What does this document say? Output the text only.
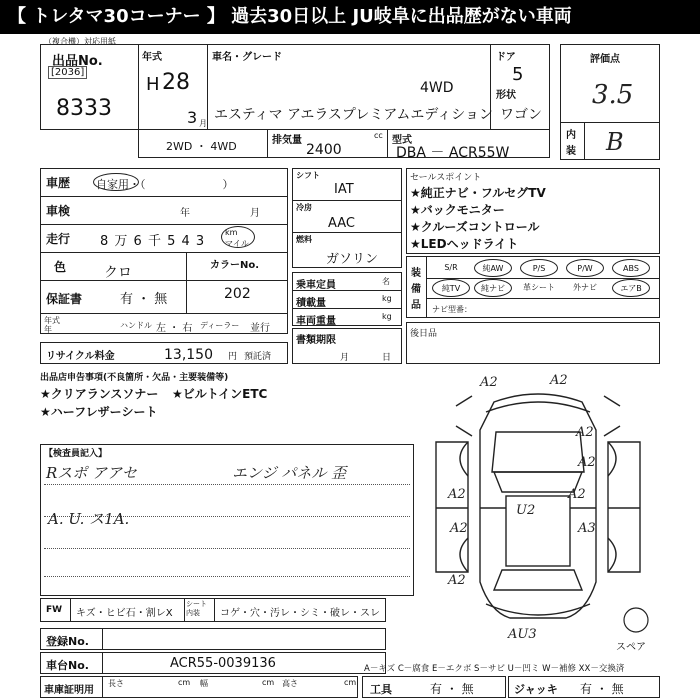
【 トレタマ30コーナー 】 過去30日以上 JU岐阜に出品歴がない車両
（複合機）対応用紙
出品No.
[2036]
8333
年式
H 28
3 月
車名・グレード
4WD
エスティマ アエラスプレミアムエディション
ドア
5
形状
ワゴン
評価点
3.5
内
装 B
2WD ・ 4WD	排気量	cc
2400
型式
DBA － ACR55W
車歴 自家用・（　　　　　　　）
車検	年	月
走行 8 万 6 千 5 4 3
km
マイル
色	クロ	カラーNo.
保証書	有 ・ 無	202
年式
年	ハンドル 左 ・ 右 ディーラー 並行
リサイクル料金	13,150 円 預託済
シフト
IAT
冷房
AAC
燃料
ガソリン
乗車定員	名
積載量	kg
車両重量	kg
書類期限
月	日
セールスポイント
★純正ナビ・フルセグTV
★バックモニター
★クルーズコントロール
★LEDヘッドライト
装
備
品
S/R	純AW	P/S	P/W	ABS
純TV	純ナビ	革シート	外ナビ	エアB
ナビ型番：
後日品
出品店申告事項(不良箇所・欠品・主要装備等)
★クリアランスソナー ★ビルトインETC
★ハーフレザーシート
【検査員記入】
Rスポ アアセ	エンジ パネル 歪
A. U. ス1A.
FW キズ・ヒビ石・割レX
シート内装	コゲ・穴・汚レ・シミ・破レ・スレ
A2	A2
A2
A2
U2
A2
A2
A2	A3
A2
AU3
スペア
登録No.
車台No.	ACR55-0039136	A－キズ C－腐食 E－エクボ S－サビ U－凹ミ W－補修 XX－交換済
車庫証明用
長さ	cm 幅	cm 高さ	cm
工具	有 ・ 無	ジャッキ 有 ・ 無
